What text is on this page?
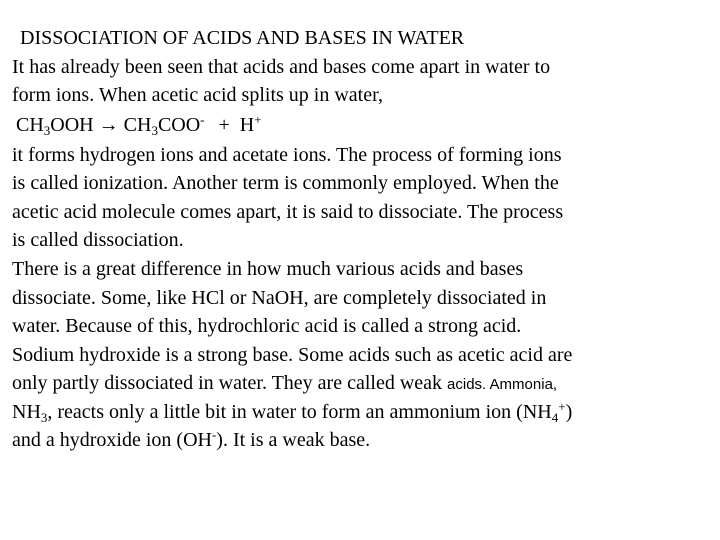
DISSOCIATION OF ACIDS AND BASES IN WATER
It has already been seen that acids and bases come apart in water to
form ions. When acetic acid splits up in water,
$CH_3OOH \to CH_3COO^- + H^+$
it forms hydrogen ions and acetate ions. The process of forming ions
is called ionization. Another term is commonly employed. When the
acetic acid molecule comes apart, it is said to dissociate. The process
is called dissociation.
There is a great difference in how much various acids and bases
dissociate. Some, like HCl or NaOH, are completely dissociated in
water. Because of this, hydrochloric acid is called a strong acid.
Sodium hydroxide is a strong base. Some acids such as acetic acid are
only partly dissociated in water. They are called weak acids. Ammonia,
$NH_3$, reacts only a little bit in water to form an ammonium ion $(NH_4^+)$
and a hydroxide ion (OH-). It is a weak base.
